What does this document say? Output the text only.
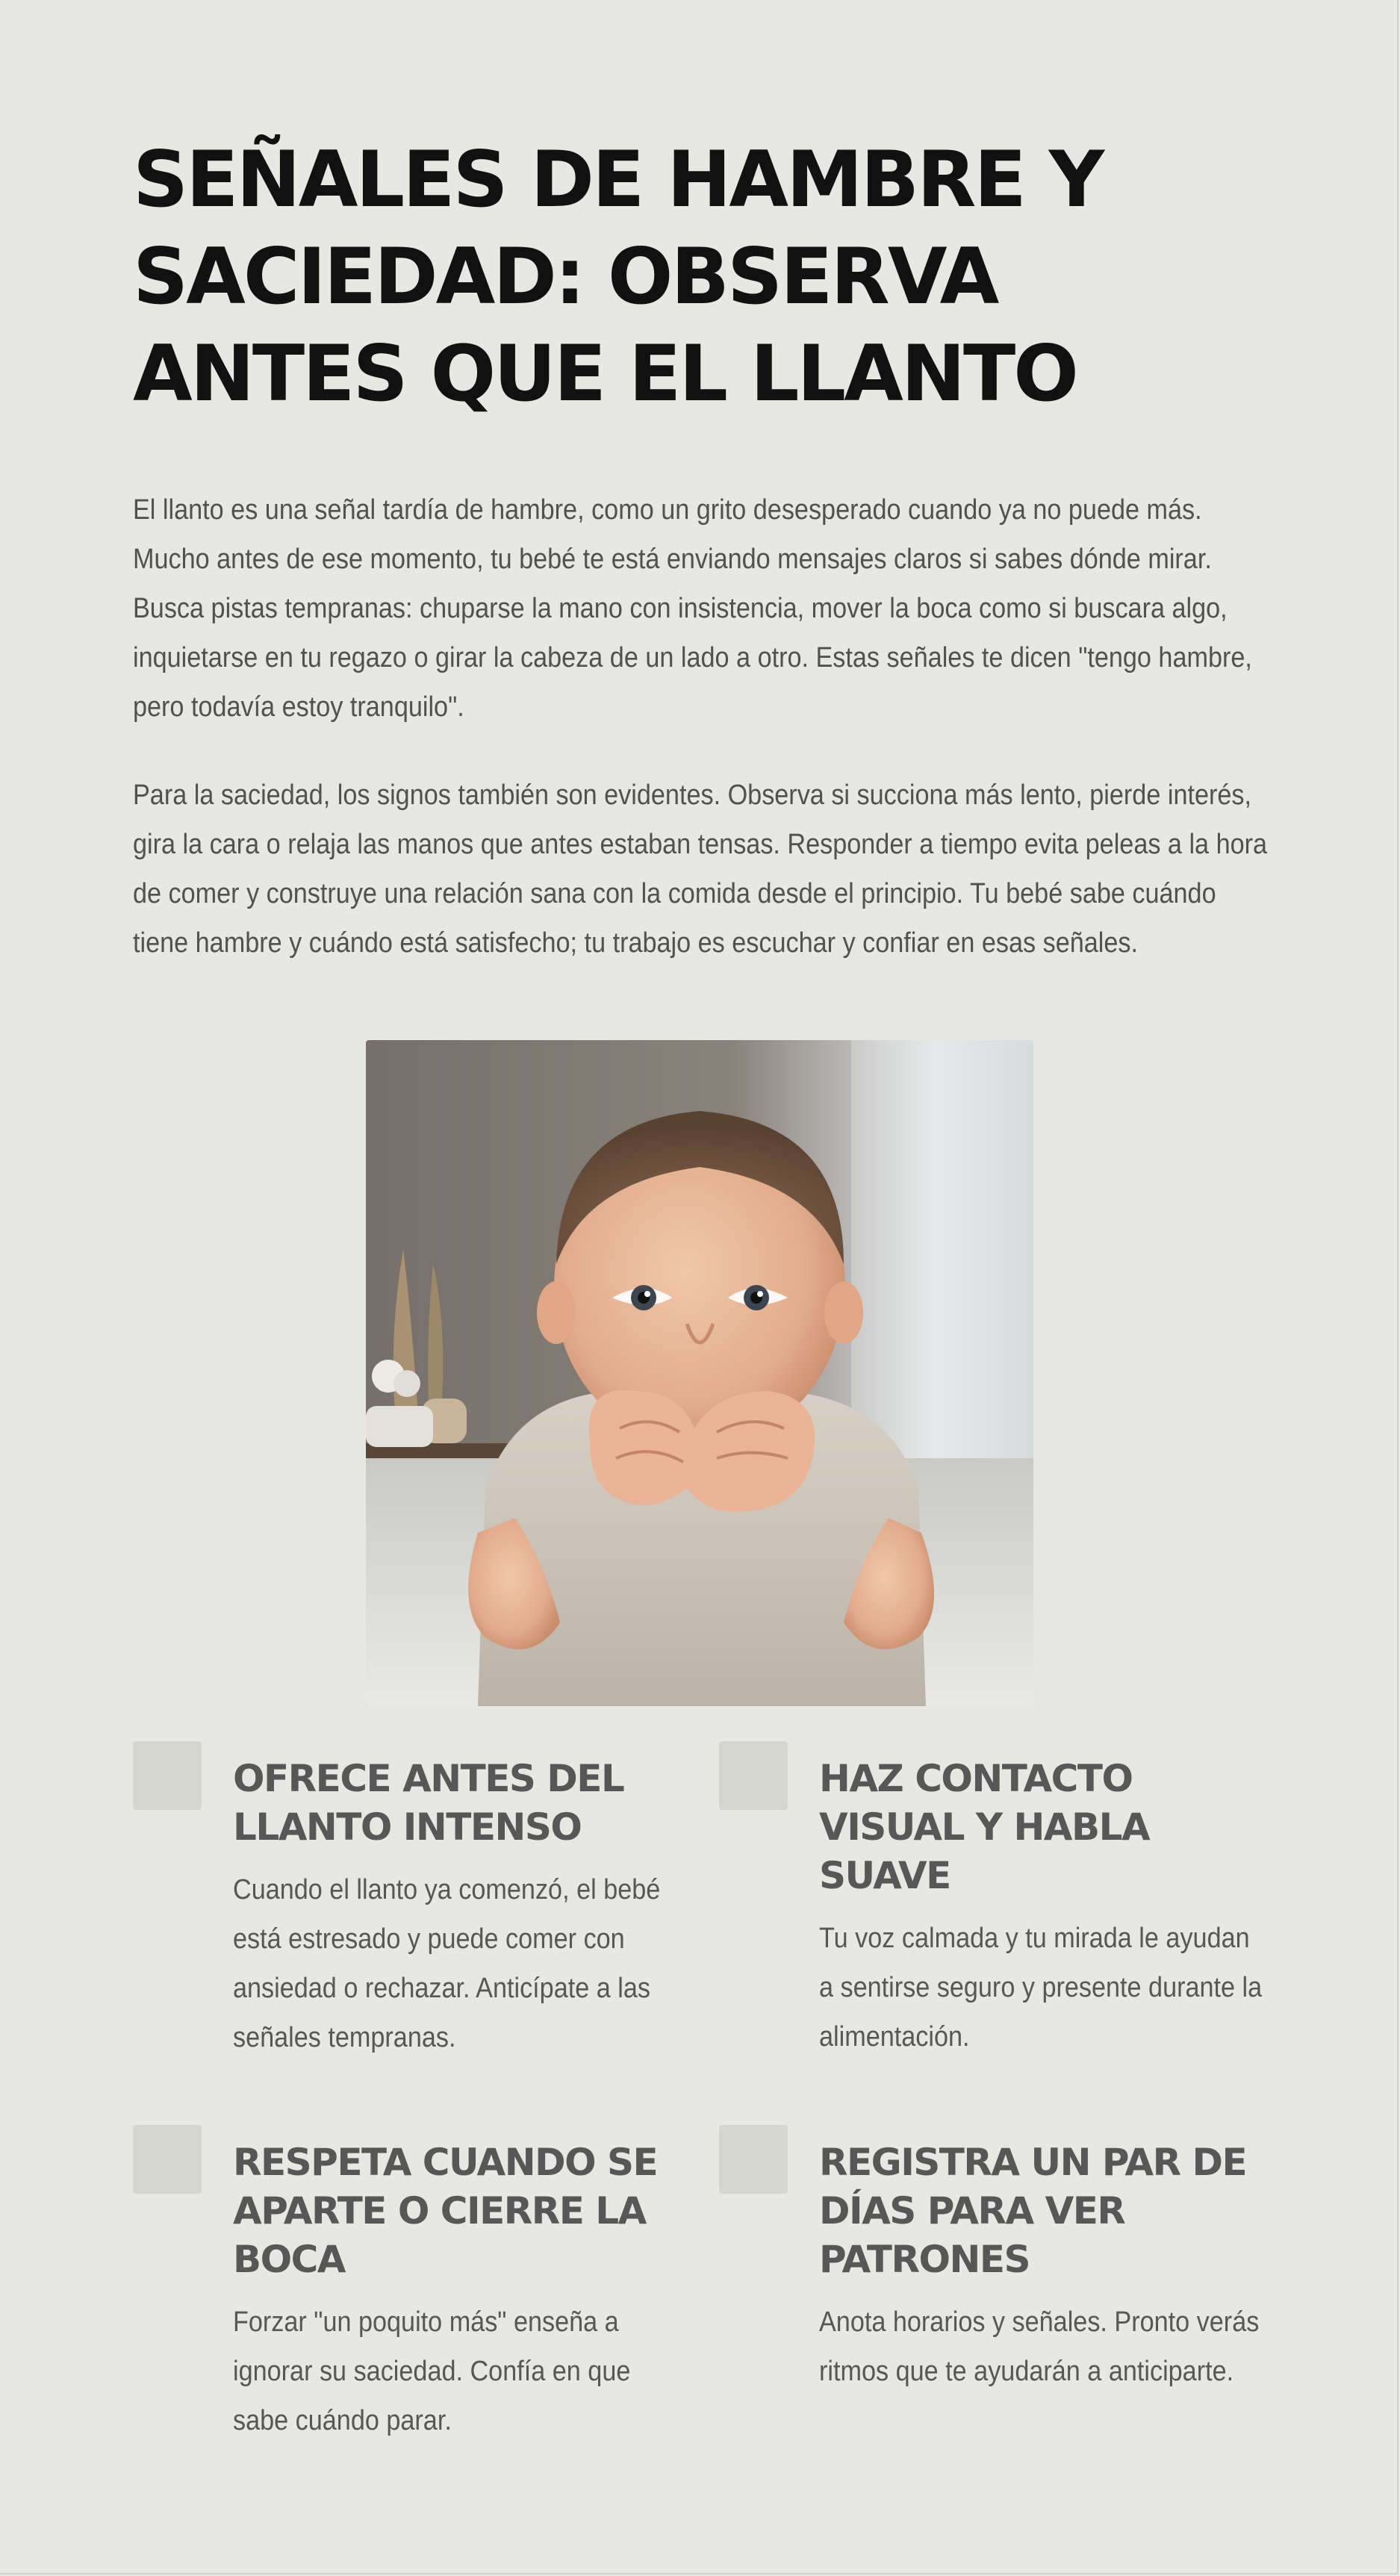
SEÑALES DE HAMBRE Y SACIEDAD: OBSERVA ANTES QUE EL LLANTO

El llanto es una señal tardía de hambre, como un grito desesperado cuando ya no puede más. Mucho antes de ese momento, tu bebé te está enviando mensajes claros si sabes dónde mirar. Busca pistas tempranas: chuparse la mano con insistencia, mover la boca como si buscara algo, inquietarse en tu regazo o girar la cabeza de un lado a otro. Estas señales te dicen "tengo hambre, pero todavía estoy tranquilo".

Para la saciedad, los signos también son evidentes. Observa si succiona más lento, pierde interés, gira la cara o relaja las manos que antes estaban tensas. Responder a tiempo evita peleas a la hora de comer y construye una relación sana con la comida desde el principio. Tu bebé sabe cuándo tiene hambre y cuándo está satisfecho; tu trabajo es escuchar y confiar en esas señales.

OFRECE ANTES DEL LLANTO INTENSO

Cuando el llanto ya comenzó, el bebé está estresado y puede comer con ansiedad o rechazar. Anticípate a las señales tempranas.

HAZ CONTACTO VISUAL Y HABLA SUAVE

Tu voz calmada y tu mirada le ayudan a sentirse seguro y presente durante la alimentación.

RESPETA CUANDO SE APARTE O CIERRE LA BOCA

Forzar "un poquito más" enseña a ignorar su saciedad. Confía en que sabe cuándo parar.

REGISTRA UN PAR DE DÍAS PARA VER PATRONES

Anota horarios y señales. Pronto verás ritmos que te ayudarán a anticiparte.
